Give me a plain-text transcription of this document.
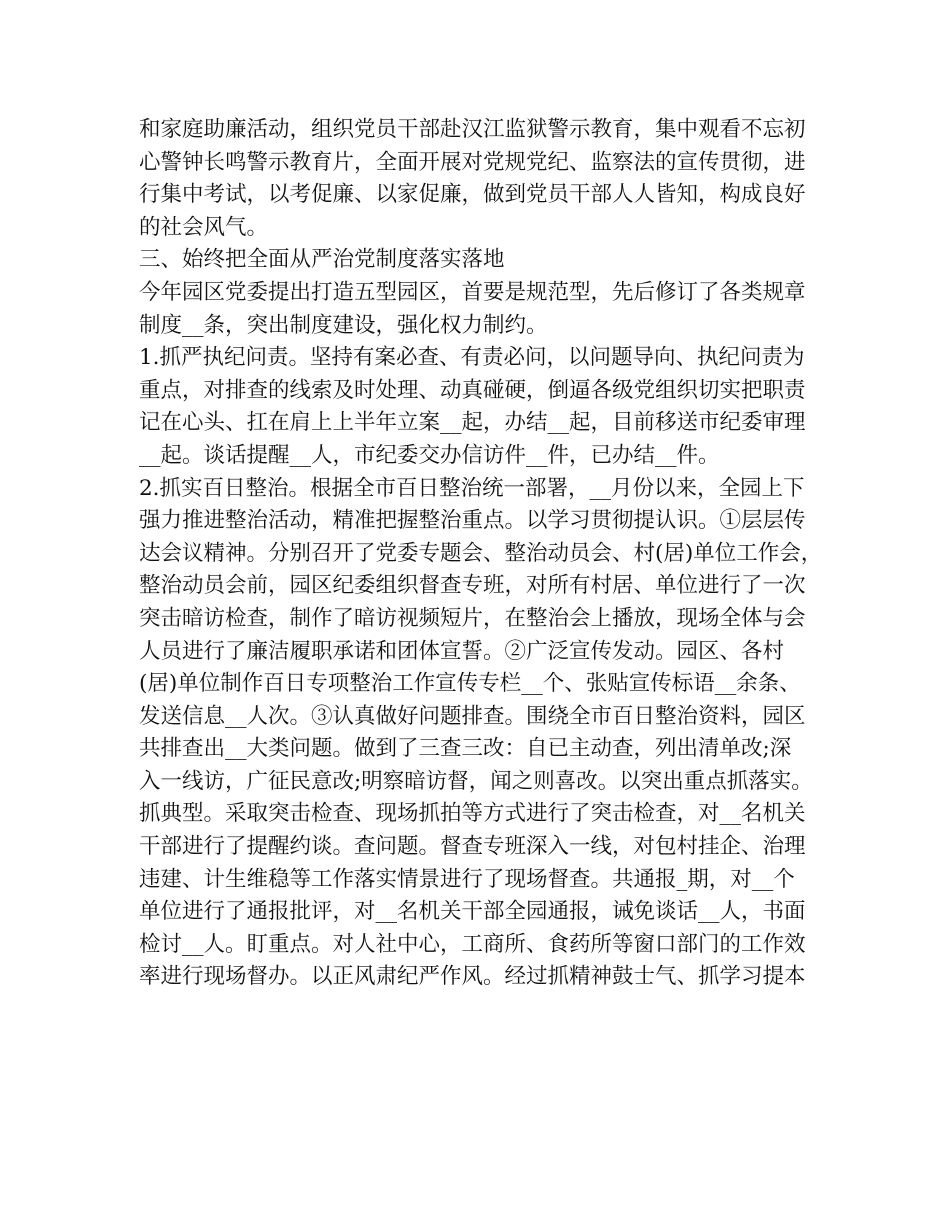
和家庭助廉活动，组织党员干部赴汉江监狱警示教育，集中观看不忘初
心警钟长鸣警示教育片，全面开展对党规党纪、监察法的宣传贯彻，进
行集中考试，以考促廉、以家促廉，做到党员干部人人皆知，构成良好
的社会风气。
三、始终把全面从严治党制度落实落地
今年园区党委提出打造五型园区，首要是规范型，先后修订了各类规章
制度__条，突出制度建设，强化权力制约。
1.抓严执纪问责。坚持有案必查、有责必问，以问题导向、执纪问责为
重点，对排查的线索及时处理、动真碰硬，倒逼各级党组织切实把职责
记在心头、扛在肩上上半年立案__起，办结__起，目前移送市纪委审理
__起。谈话提醒__人，市纪委交办信访件__件，已办结__件。
2.抓实百日整治。根据全市百日整治统一部署，__月份以来，全园上下
强力推进整治活动，精准把握整治重点。以学习贯彻提认识。①层层传
达会议精神。分别召开了党委专题会、整治动员会、村(居)单位工作会，
整治动员会前，园区纪委组织督查专班，对所有村居、单位进行了一次
突击暗访检查，制作了暗访视频短片，在整治会上播放，现场全体与会
人员进行了廉洁履职承诺和团体宣誓。②广泛宣传发动。园区、各村
(居)单位制作百日专项整治工作宣传专栏__个、张贴宣传标语__余条、
发送信息__人次。③认真做好问题排查。围绕全市百日整治资料，园区
共排查出__大类问题。做到了三查三改：自已主动查，列出清单改;深
入一线访，广征民意改;明察暗访督，闻之则喜改。以突出重点抓落实。
抓典型。采取突击检查、现场抓拍等方式进行了突击检查，对__名机关
干部进行了提醒约谈。查问题。督查专班深入一线，对包村挂企、治理
违建、计生维稳等工作落实情景进行了现场督查。共通报_期，对__个
单位进行了通报批评，对__名机关干部全园通报，诫免谈话__人，书面
检讨__人。盯重点。对人社中心，工商所、食药所等窗口部门的工作效
率进行现场督办。以正风肃纪严作风。经过抓精神鼓士气、抓学习提本
